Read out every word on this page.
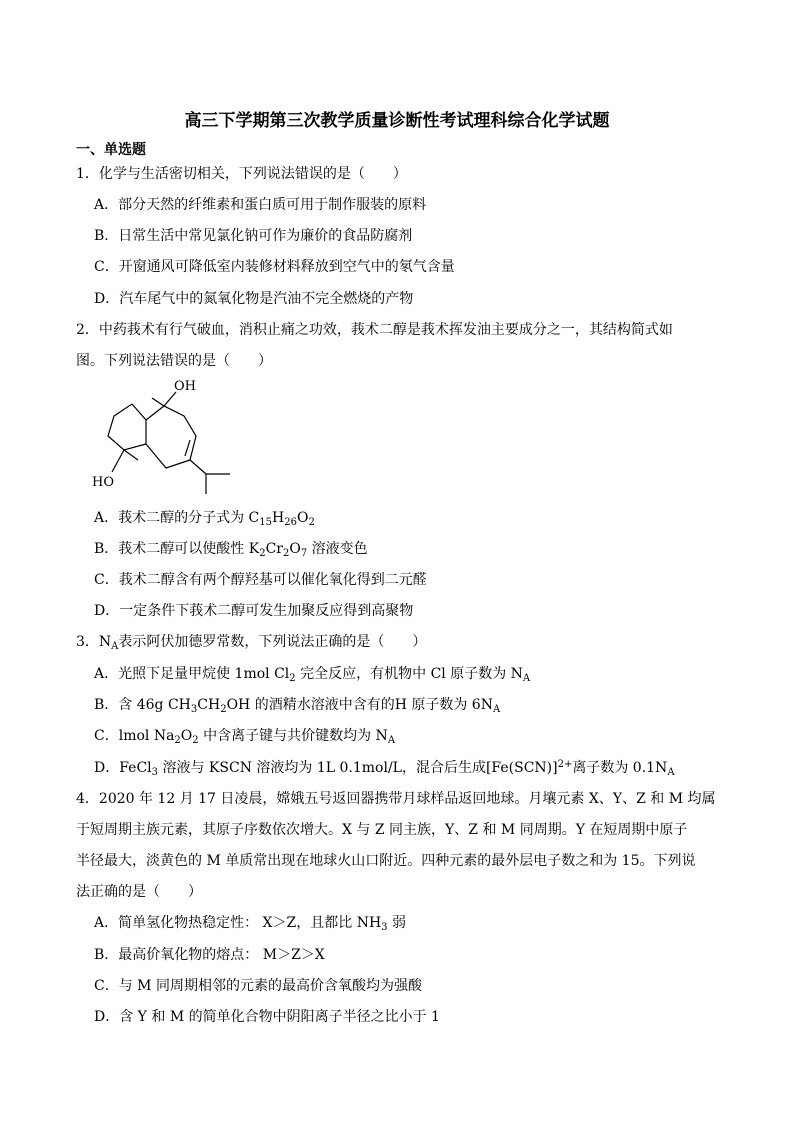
高三下学期第三次教学质量诊断性考试理科综合化学试题
一、单选题
1．化学与生活密切相关，下列说法错误的是（　　）
A．部分天然的纤维素和蛋白质可用于制作服装的原料
B．日常生活中常见氯化钠可作为廉价的食品防腐剂
C．开窗通风可降低室内装修材料释放到空气中的氡气含量
D．汽车尾气中的氮氧化物是汽油不完全燃烧的产物
2．中药莪术有行气破血，消积止痛之功效，莪术二醇是莪术挥发油主要成分之一，其结构简式如
图。下列说法错误的是（　　）
OH
HO
A．莪术二醇的分子式为 $C_{15}H_{26}O_2$
B．莪术二醇可以使酸性 $K_2Cr_2O_7$ 溶液变色
C．莪术二醇含有两个醇羟基可以催化氧化得到二元醛
D．一定条件下莪术二醇可发生加聚反应得到高聚物
3．$N_A$表示阿伏加德罗常数，下列说法正确的是（　　）
A．光照下足量甲烷使 1mol $Cl_2$ 完全反应，有机物中 Cl 原子数为 $N_A$
B．含 46g $CH_3CH_2OH$ 的酒精水溶液中含有的H 原子数为 $6N_A$
C．lmol $Na_2O_2$ 中含离子键与共价键数均为 $N_A$
D．FeCl$_3$ 溶液与 KSCN 溶液均为 1L 0.1mol/L，混合后生成$[Fe(SCN)]^{2+}$离子数为 $0.1N_A$
4．2020 年 12 月 17 日凌晨，嫦娥五号返回器携带月球样品返回地球。月壤元素 X、Y、Z 和 M 均属
于短周期主族元素，其原子序数依次增大。X 与 Z 同主族，Y、Z 和 M 同周期。Y 在短周期中原子
半径最大，淡黄色的 M 单质常出现在地球火山口附近。四种元素的最外层电子数之和为 15。下列说
法正确的是（　　）
A．简单氢化物热稳定性： X＞Z，且都比 $NH_3$ 弱
B．最高价氧化物的熔点： M＞Z＞X
C．与 M 同周期相邻的元素的最高价含氧酸均为强酸
D．含 Y 和 M 的简单化合物中阴阳离子半径之比小于 1
